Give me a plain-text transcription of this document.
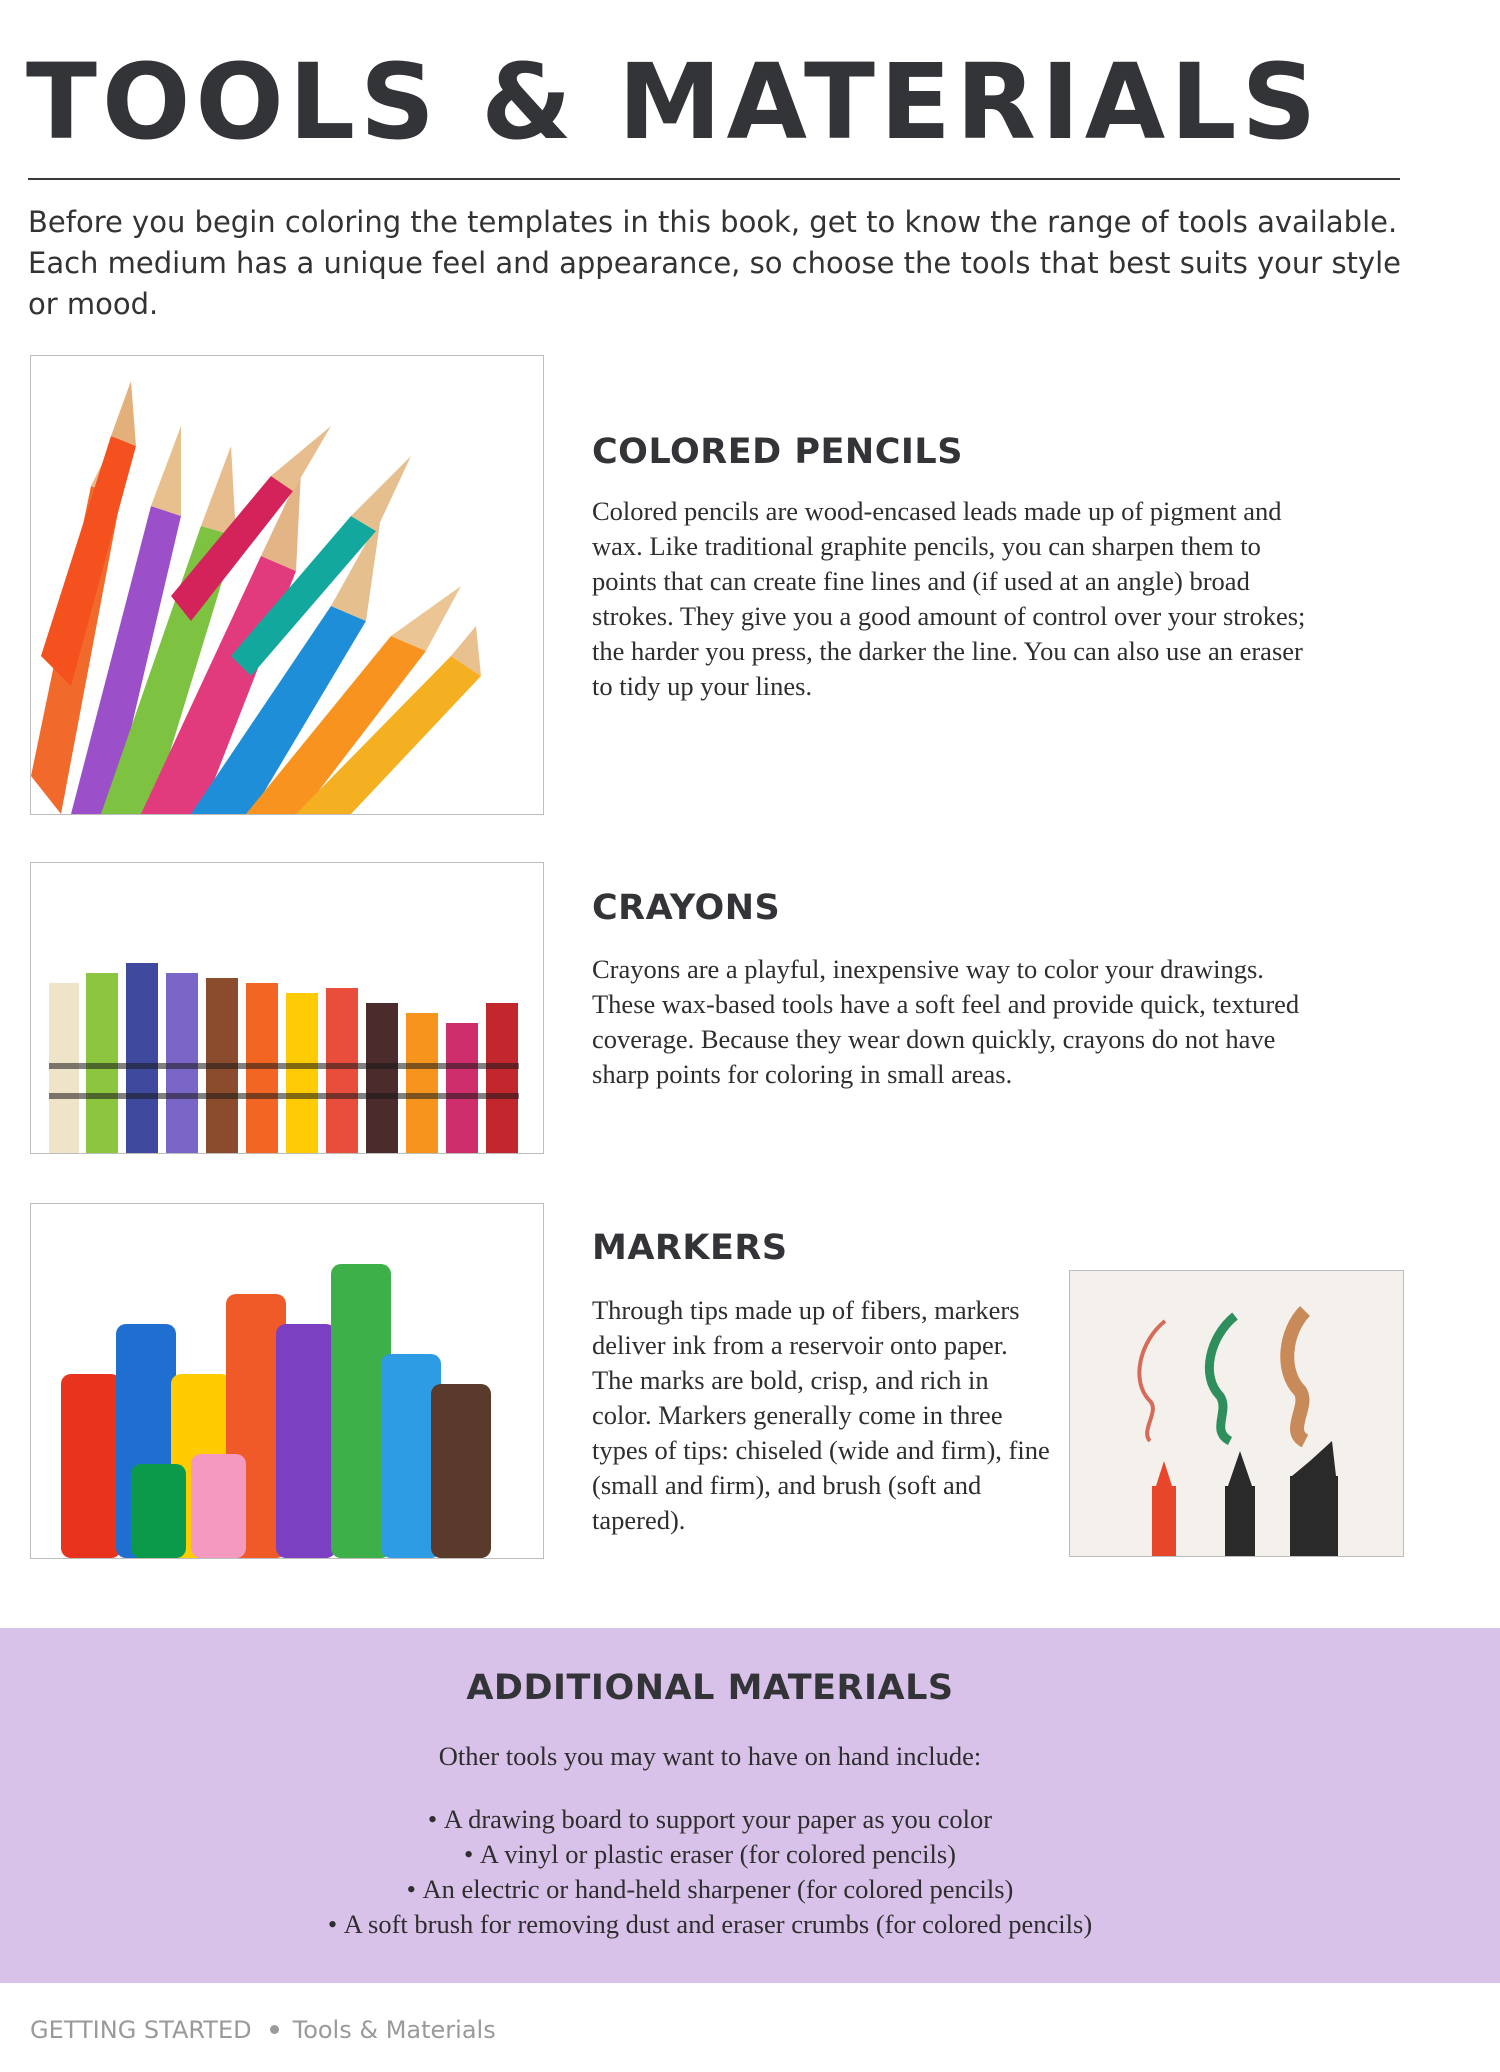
TOOLS & MATERIALS
Before you begin coloring the templates in this book, get to know the range of tools available. Each medium has a unique feel and appearance, so choose the tools that best suits your style or mood.
COLORED PENCILS
Colored pencils are wood-encased leads made up of pigment and wax. Like traditional graphite pencils, you can sharpen them to points that can create fine lines and (if used at an angle) broad strokes. They give you a good amount of control over your strokes; the harder you press, the darker the line. You can also use an eraser to tidy up your lines.
CRAYONS
Crayons are a playful, inexpensive way to color your drawings. These wax-based tools have a soft feel and provide quick, textured coverage. Because they wear down quickly, crayons do not have sharp points for coloring in small areas.
MARKERS
Through tips made up of fibers, markers deliver ink from a reservoir onto paper. The marks are bold, crisp, and rich in color. Markers generally come in three types of tips: chiseled (wide and firm), fine (small and firm), and brush (soft and tapered).
ADDITIONAL MATERIALS
Other tools you may want to have on hand include:
• A drawing board to support your paper as you color
• A vinyl or plastic eraser (for colored pencils)
• An electric or hand-held sharpener (for colored pencils)
• A soft brush for removing dust and eraser crumbs (for colored pencils)
GETTING STARTED Tools & Materials
